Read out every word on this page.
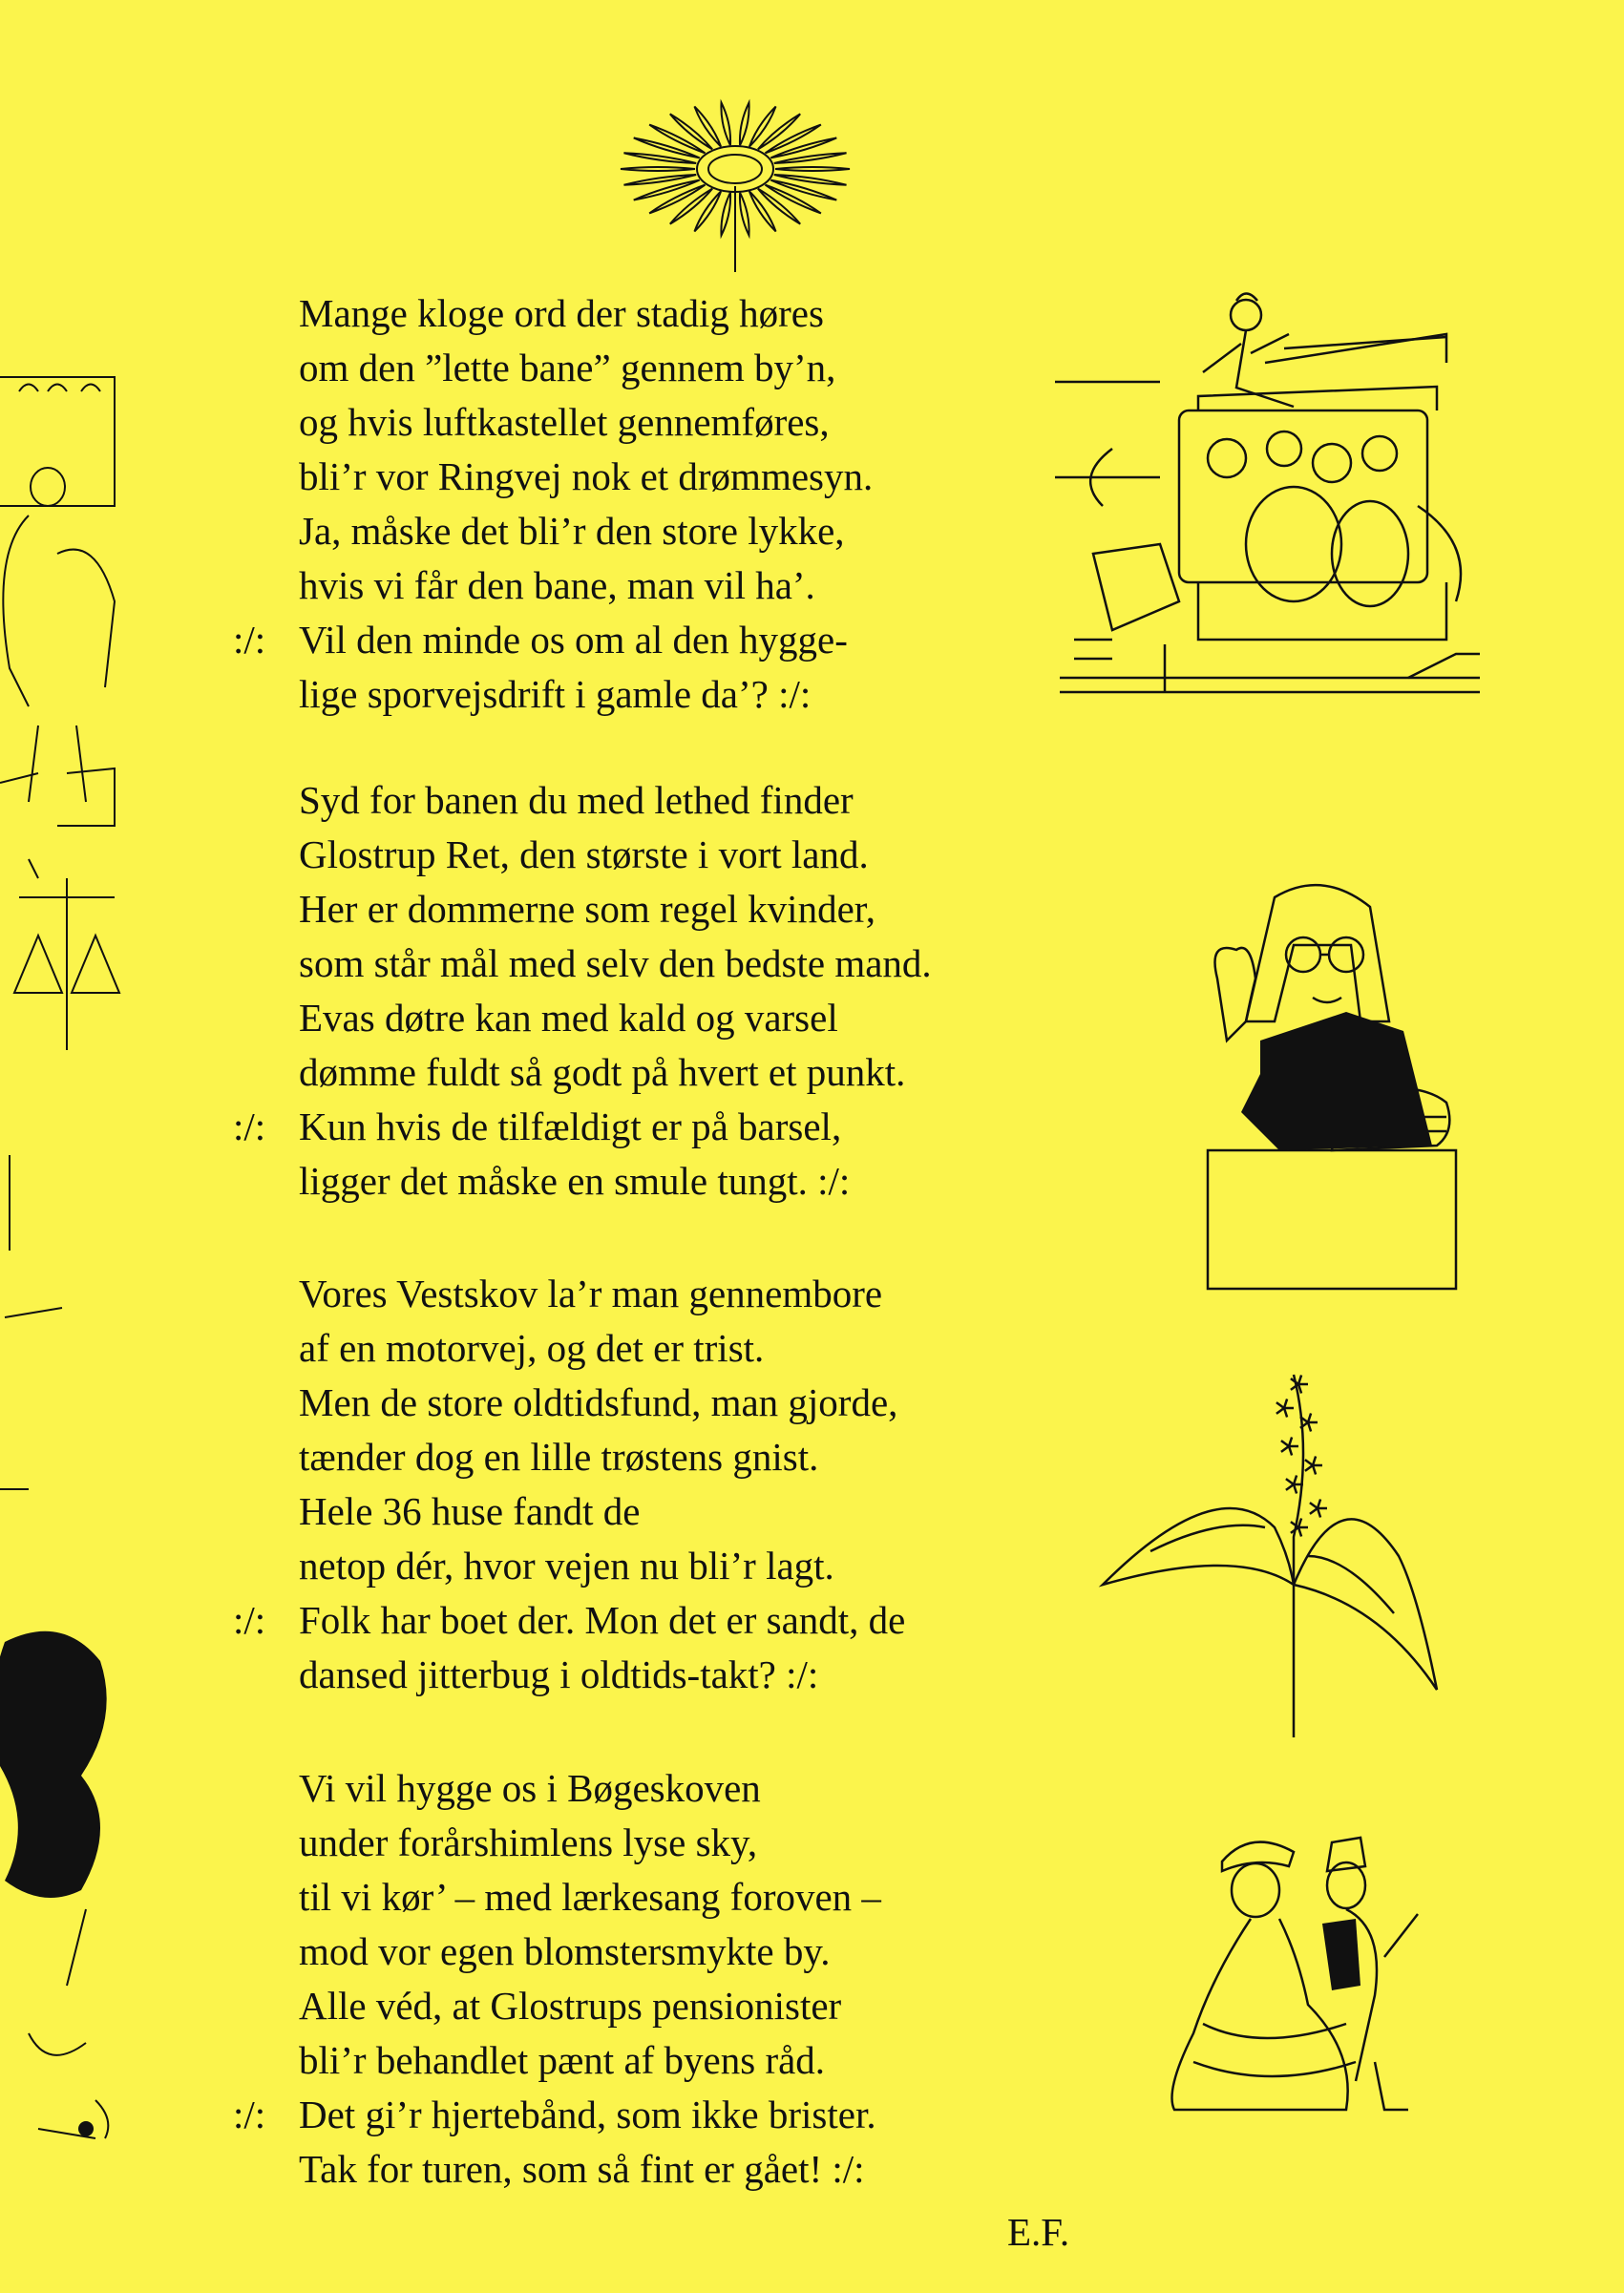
Mange kloge ord der stadig høres
om den ”lette bane” gennem by’n,
og hvis luftkastellet gennemføres,
bli’r vor Ringvej nok et drømmesyn.
Ja, måske det bli’r den store lykke,
hvis vi får den bane, man vil ha’.
:/: Vil den minde os om al den hygge-
lige sporvejsdrift i gamle da’? :/:
Syd for banen du med lethed finder
Glostrup Ret, den største i vort land.
Her er dommerne som regel kvinder,
som står mål med selv den bedste mand.
Evas døtre kan med kald og varsel
dømme fuldt så godt på hvert et punkt.
:/: Kun hvis de tilfældigt er på barsel,
ligger det måske en smule tungt. :/:
Vores Vestskov la’r man gennembore
af en motorvej, og det er trist.
Men de store oldtidsfund, man gjorde,
tænder dog en lille trøstens gnist.
Hele 36 huse fandt de
netop dér, hvor vejen nu bli’r lagt.
:/: Folk har boet der. Mon det er sandt, de
dansed jitterbug i oldtids-takt? :/:
Vi vil hygge os i Bøgeskoven
under forårshimlens lyse sky,
til vi kør’ – med lærkesang foroven –
mod vor egen blomstersmykte by.
Alle véd, at Glostrups pensionister
bli’r behandlet pænt af byens råd.
:/: Det gi’r hjertebånd, som ikke brister.
Tak for turen, som så fint er gået! :/:
E.F.
